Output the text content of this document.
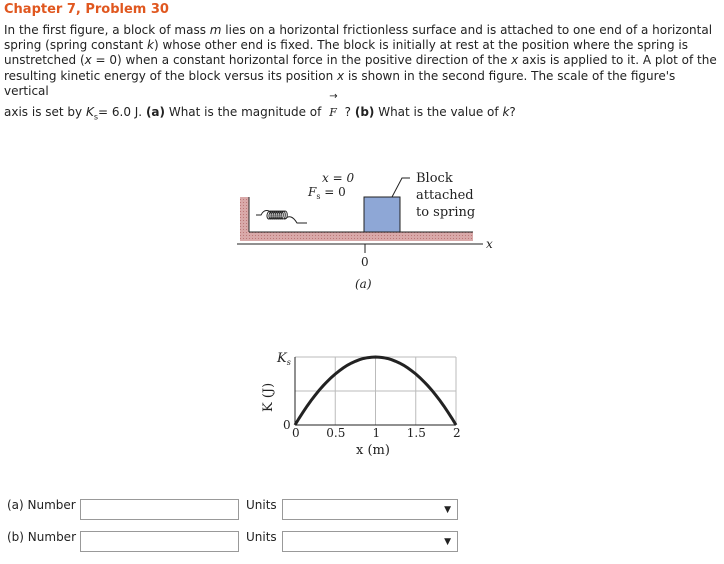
Chapter 7, Problem 30
In the first figure, a block of mass m lies on a horizontal frictionless surface and is attached to one end of a horizontal spring (spring constant k) whose other end is fixed. The block is initially at rest at the position where the spring is unstretched (x = 0) when a constant horizontal force in the positive direction of the x axis is applied to it. A plot of the resulting kinetic energy of the block versus its position x is shown in the second figure. The scale of the figure's vertical
axis is set by $K_s= 6.0$ J. (a) What is the magnitude of
→
F ? (b) What is the value of k?
x = 0
$F_s = 0$
Block
attached
to spring
x
0
(a)
$K_s$
0
K (J)
0 0.5 1 1.5 2
x (m)
(a) Number	Units	▼
(b) Number	Units	▼
